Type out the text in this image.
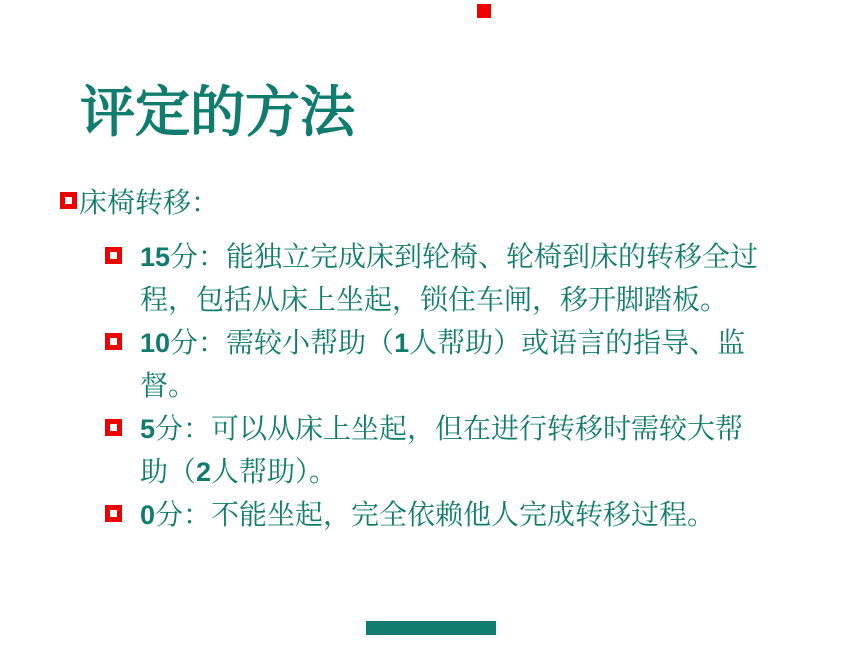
评定的方法
床椅转移：
15分：能独立完成床到轮椅、轮椅到床的转移全过
程，包括从床上坐起，锁住车闸，移开脚踏板。
10分：需较小帮助（1人帮助）或语言的指导、监
督。
5分：可以从床上坐起，但在进行转移时需较大帮
助（2人帮助）。
0分：不能坐起，完全依赖他人完成转移过程。
